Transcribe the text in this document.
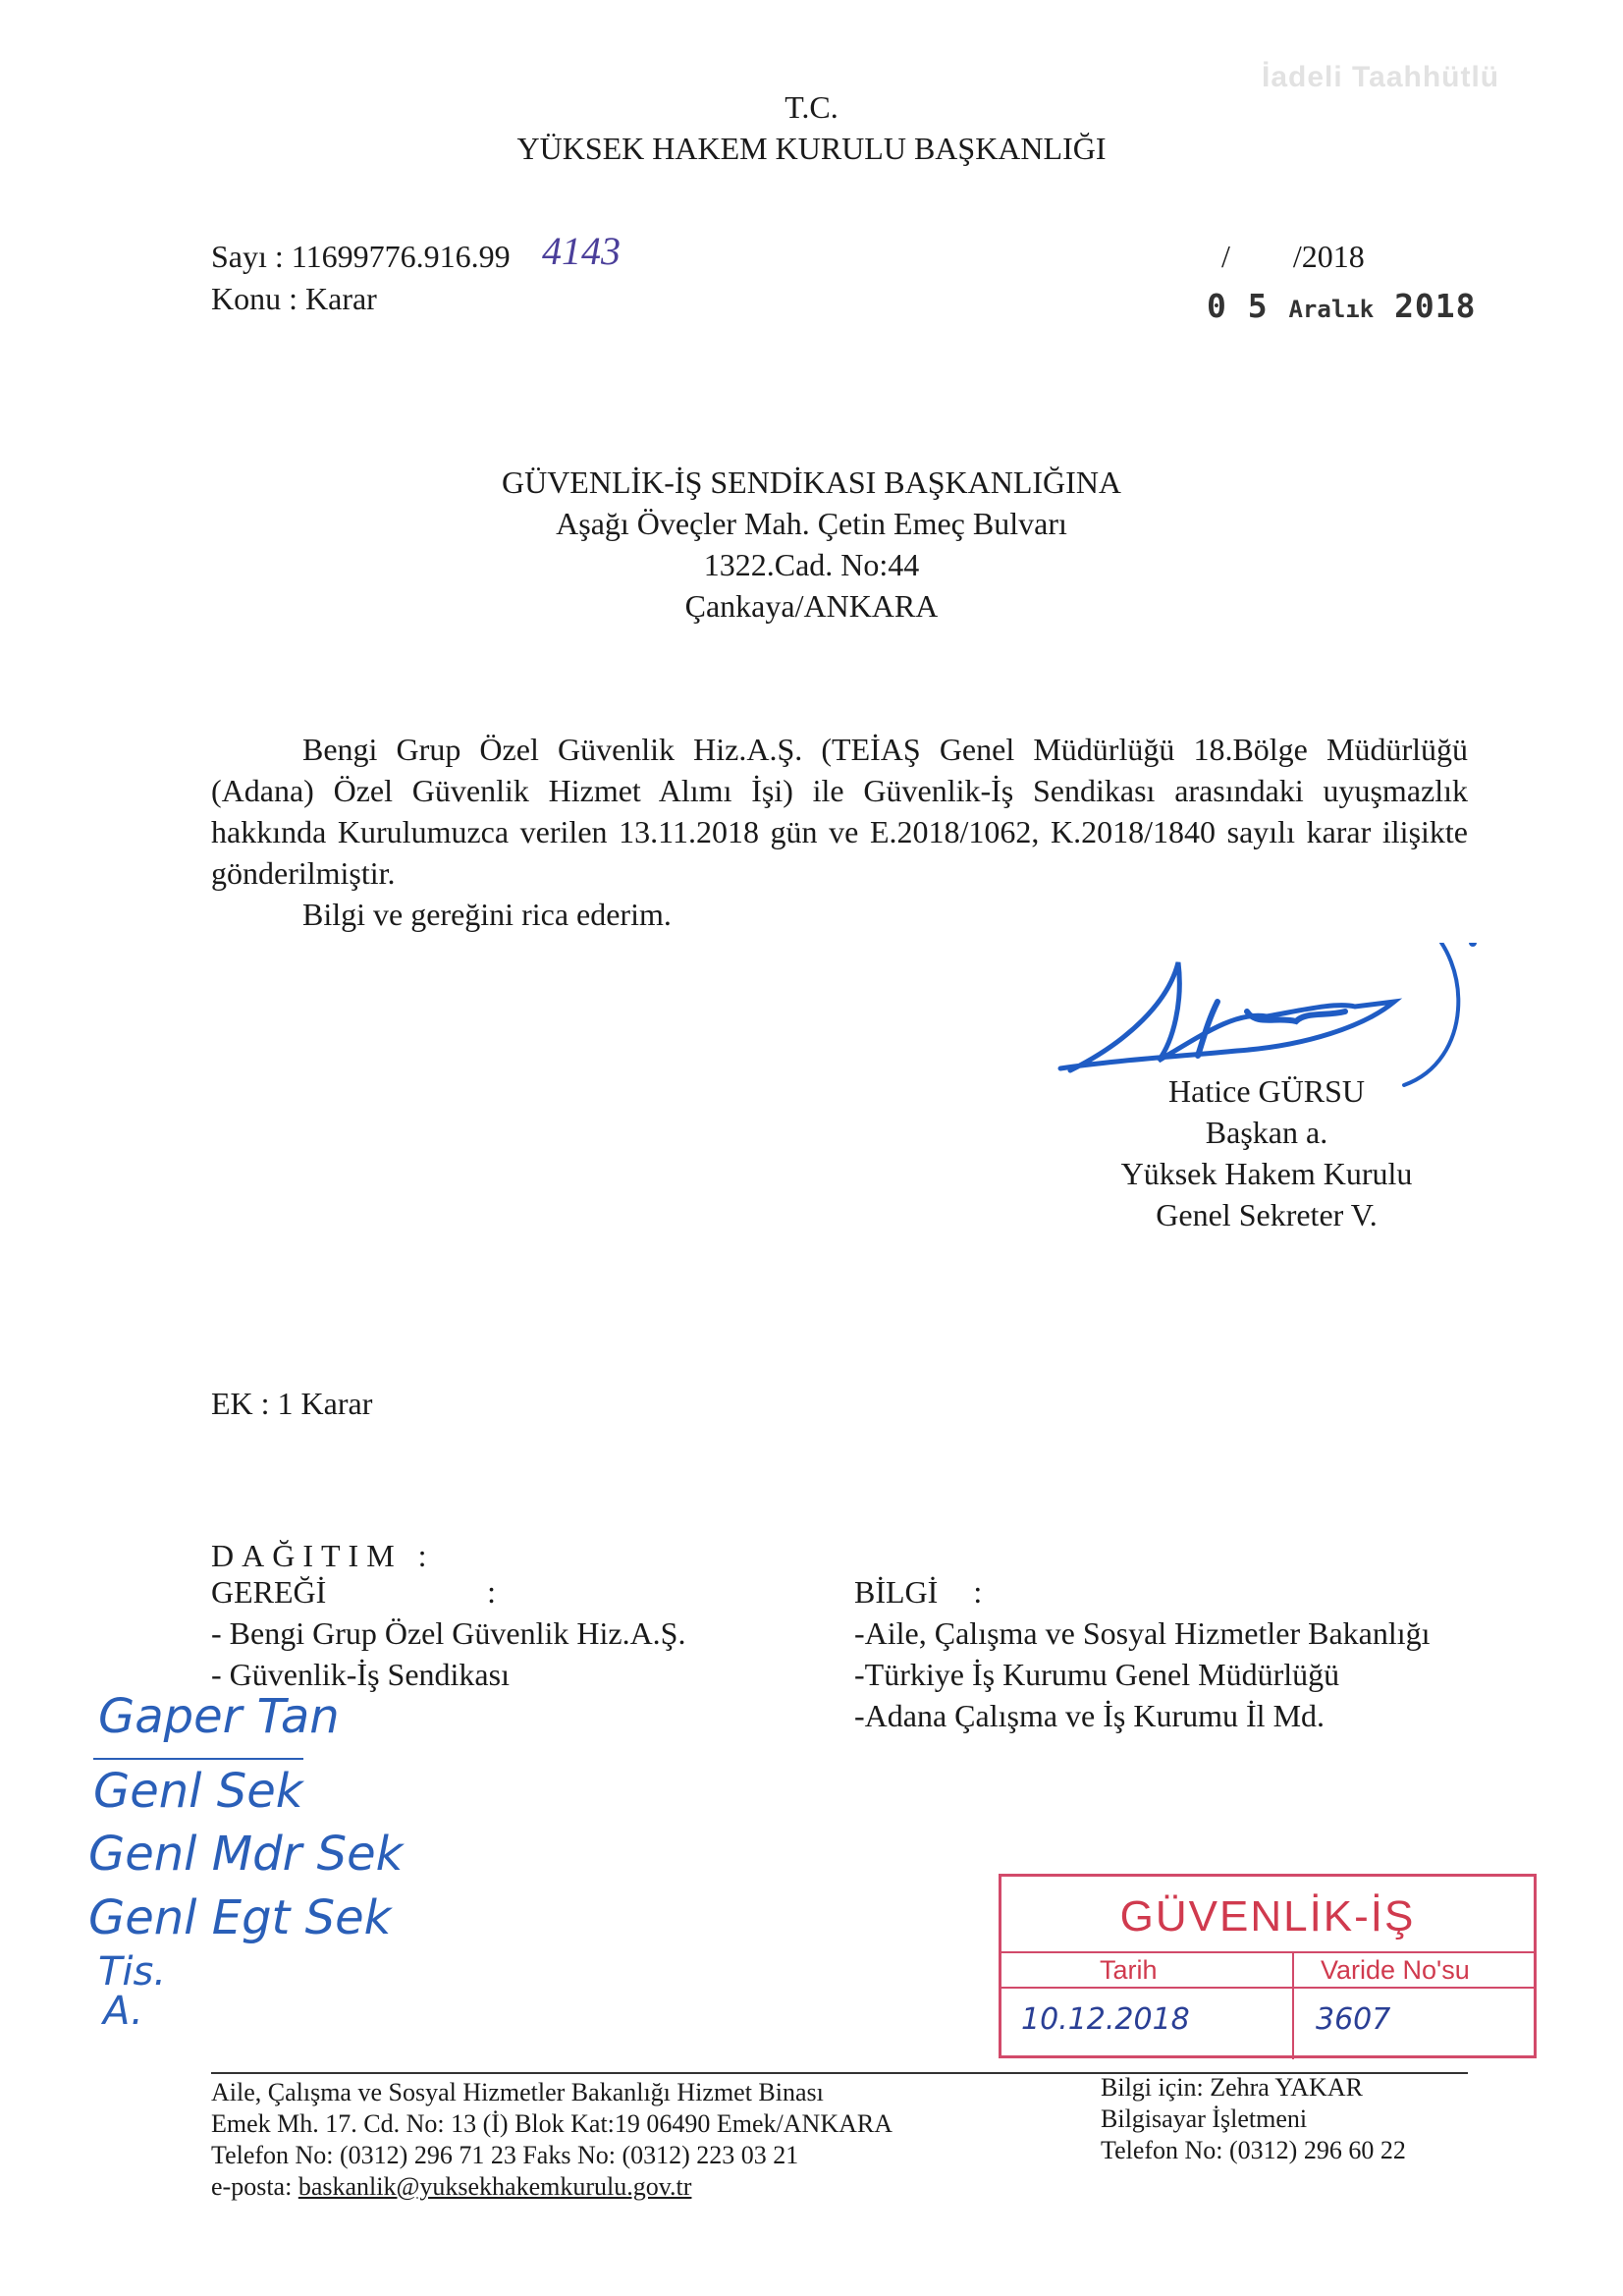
İadeli Taahhütlü
T.C.
YÜKSEK HAKEM KURULU BAŞKANLIĞI
Sayı : 11699776.916.99 4143
Konu : Karar
/        /2018
0 5 Aralık 2018
GÜVENLİK-İŞ SENDİKASI BAŞKANLIĞINA
Aşağı Öveçler Mah. Çetin Emeç Bulvarı
1322.Cad. No:44
Çankaya/ANKARA

Bengi Grup Özel Güvenlik Hiz.A.Ş. (TEİAŞ Genel Müdürlüğü 18.Bölge Müdürlüğü (Adana) Özel Güvenlik Hizmet Alımı İşi) ile Güvenlik-İş Sendikası arasındaki uyuşmazlık hakkında Kurulumuzca verilen 13.11.2018 gün ve E.2018/1062, K.2018/1840 sayılı karar ilişikte gönderilmiştir.

Bilgi ve gereğini rica ederim.

Hatice GÜRSU
Başkan a.
Yüksek Hakem Kurulu
Genel Sekreter V.
EK : 1 Karar
DAĞITIM :
GEREĞİ	:
- Bengi Grup Özel Güvenlik Hiz.A.Ş.
- Güvenlik-İş Sendikası
BİLGİ :
-Aile, Çalışma ve Sosyal Hizmetler Bakanlığı
-Türkiye İş Kurumu Genel Müdürlüğü
-Adana Çalışma ve İş Kurumu İl Md.
Gaper Tan
Genl Sek
Genl Mdr Sek
Genl Egt Sek
Tis.
A.
GÜVENLİK-İŞ
Tarih	Varide No'su
10.12.2018	3607
Aile, Çalışma ve Sosyal Hizmetler Bakanlığı Hizmet Binası
Emek Mh. 17. Cd. No: 13 (İ) Blok Kat:19 06490 Emek/ANKARA
Telefon No: (0312) 296 71 23 Faks No: (0312) 223 03 21
e-posta: baskanlik@yuksekhakemkurulu.gov.tr
Bilgi için: Zehra YAKAR
Bilgisayar İşletmeni
Telefon No: (0312) 296 60 22
